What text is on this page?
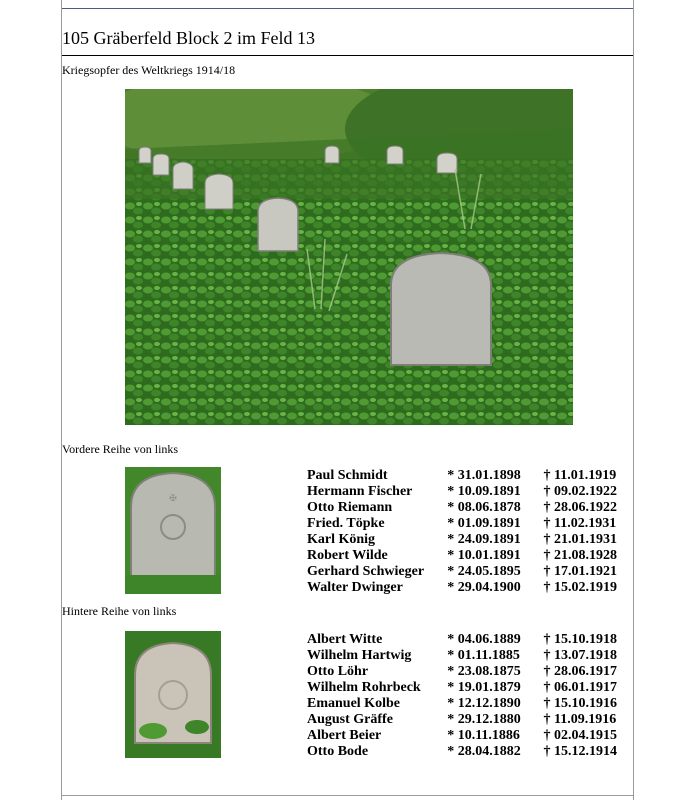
105 Gräberfeld Block 2 im Feld 13
Kriegsopfer des Weltkriegs 1914/18
Vordere Reihe von links
✠
Paul Schmidt	* 31.01.1898	† 11.01.1919
Hermann Fischer	* 10.09.1891	† 09.02.1922
Otto Riemann	* 08.06.1878	† 28.06.1922
Fried. Töpke	* 01.09.1891	† 11.02.1931
Karl König	* 24.09.1891	† 21.01.1931
Robert Wilde	* 10.01.1891	† 21.08.1928
Gerhard Schwieger	* 24.05.1895	† 17.01.1921
Walter Dwinger	* 29.04.1900	† 15.02.1919
Hintere Reihe von links
Albert Witte	* 04.06.1889	† 15.10.1918
Wilhelm Hartwig	* 01.11.1885	† 13.07.1918
Otto Löhr	* 23.08.1875	† 28.06.1917
Wilhelm Rohrbeck	* 19.01.1879	† 06.01.1917
Emanuel Kolbe	* 12.12.1890	† 15.10.1916
August Gräffe	* 29.12.1880	† 11.09.1916
Albert Beier	* 10.11.1886	† 02.04.1915
Otto Bode	* 28.04.1882	† 15.12.1914
